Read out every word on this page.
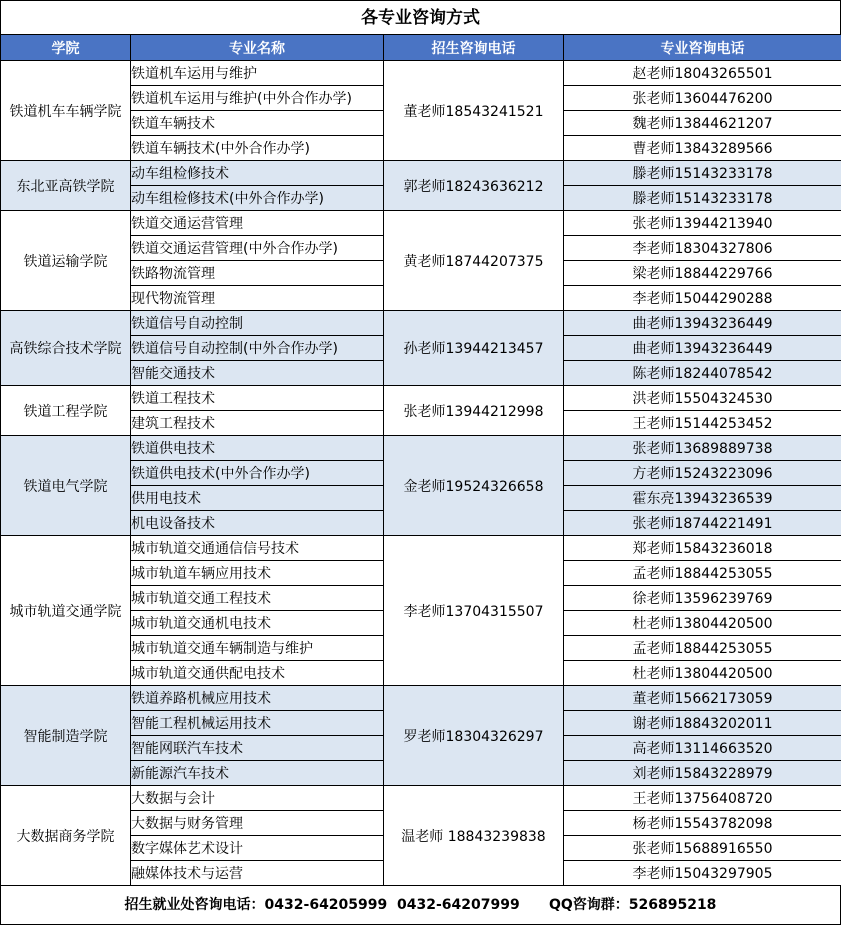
各专业咨询方式
学院	专业名称	招生咨询电话	专业咨询电话
铁道机车车辆学院	铁道机车运用与维护	董老师18543241521	赵老师18043265501
	铁道机车运用与维护(中外合作办学)		张老师13604476200
	铁道车辆技术		魏老师13844621207
	铁道车辆技术(中外合作办学)		曹老师13843289566
东北亚高铁学院	动车组检修技术	郭老师18243636212	滕老师15143233178
	动车组检修技术(中外合作办学)		滕老师15143233178
铁道运输学院	铁道交通运营管理	黄老师18744207375	张老师13944213940
	铁道交通运营管理(中外合作办学)		李老师18304327806
	铁路物流管理		梁老师18844229766
	现代物流管理		李老师15044290288
高铁综合技术学院	铁道信号自动控制	孙老师13944213457	曲老师13943236449
	铁道信号自动控制(中外合作办学)		曲老师13943236449
	智能交通技术		陈老师18244078542
铁道工程学院	铁道工程技术	张老师13944212998	洪老师15504324530
	建筑工程技术		王老师15144253452
铁道电气学院	铁道供电技术	金老师19524326658	张老师13689889738
	铁道供电技术(中外合作办学)		方老师15243223096
	供用电技术		霍东亮13943236539
	机电设备技术		张老师18744221491
城市轨道交通学院	城市轨道交通通信信号技术	李老师13704315507	郑老师15843236018
	城市轨道车辆应用技术		孟老师18844253055
	城市轨道交通工程技术		徐老师13596239769
	城市轨道交通机电技术		杜老师13804420500
	城市轨道交通车辆制造与维护		孟老师18844253055
	城市轨道交通供配电技术		杜老师13804420500
智能制造学院	铁道养路机械应用技术	罗老师18304326297	董老师15662173059
	智能工程机械运用技术		谢老师18843202011
	智能网联汽车技术		高老师13114663520
	新能源汽车技术		刘老师15843228979
大数据商务学院	大数据与会计	温老师 18843239838	王老师13756408720
	大数据与财务管理		杨老师15543782098
	数字媒体艺术设计		张老师15688916550
	融媒体技术与运营		李老师15043297905
招生就业处咨询电话：0432-64205999  0432-64207999      QQ咨询群：526895218
